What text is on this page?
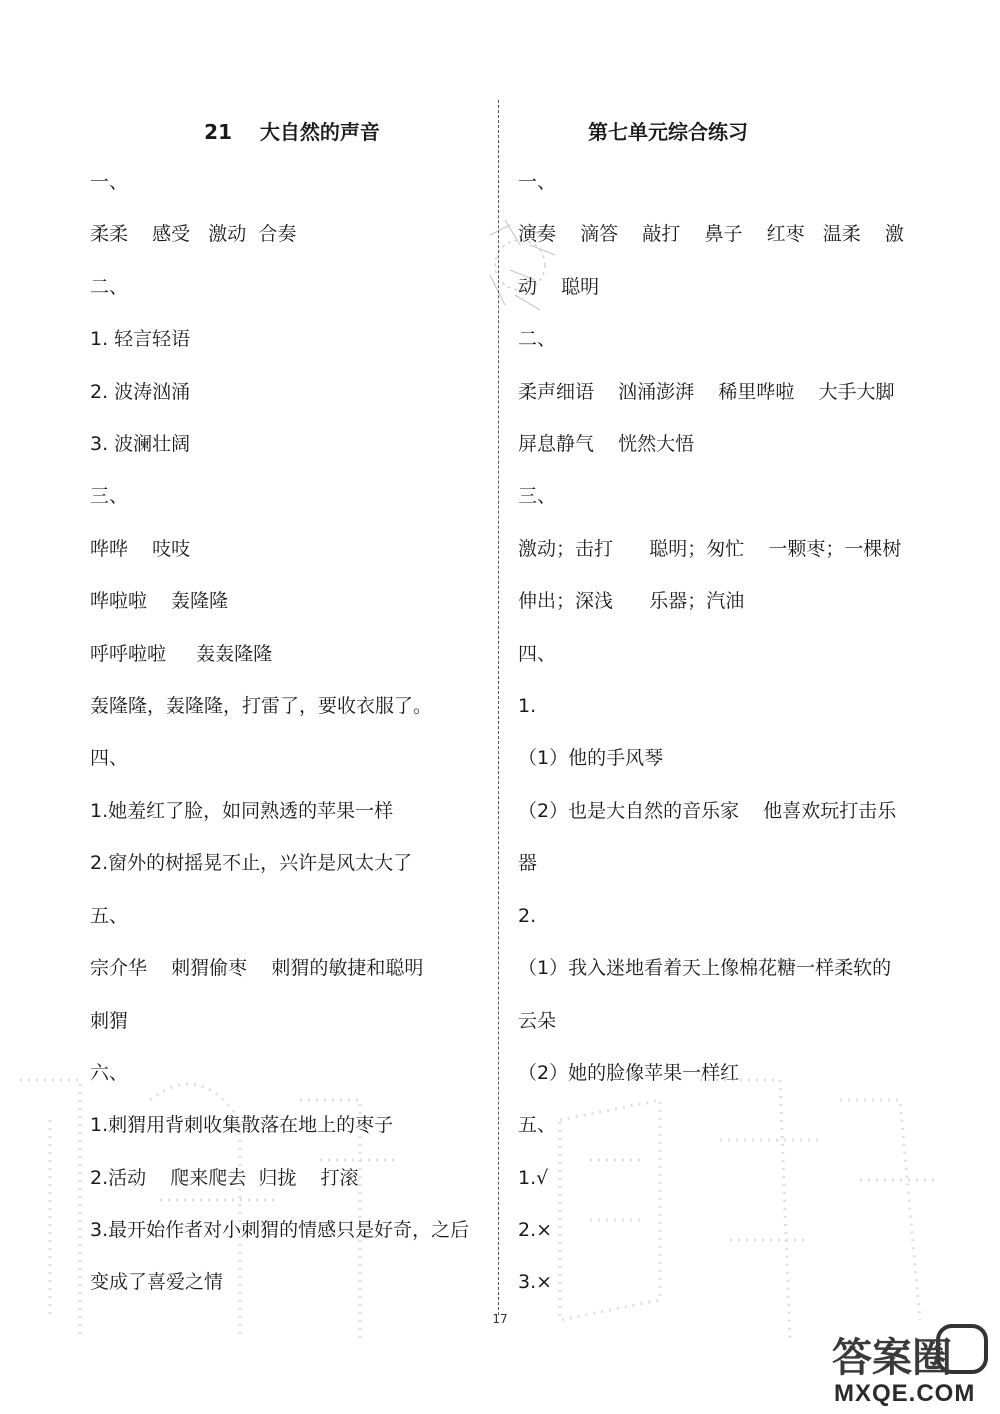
21    大自然的声音

一、

柔柔    感受   激动  合奏

二、

1. 轻言轻语

2. 波涛汹涌

3. 波澜壮阔

三、

哗哗    吱吱

哗啦啦    轰隆隆

呼呼啦啦     轰轰隆隆

轰隆隆，轰隆隆，打雷了，要收衣服了。

四、

1.她羞红了脸，如同熟透的苹果一样

2.窗外的树摇晃不止，兴许是风太大了

五、

宗介华    刺猬偷枣    刺猬的敏捷和聪明

刺猬

六、

1.刺猬用背刺收集散落在地上的枣子

2.活动    爬来爬去  归拢    打滚

3.最开始作者对小刺猬的情感只是好奇，之后

变成了喜爱之情

第七单元综合练习

一、

演奏    滴答    敲打    鼻子    红枣   温柔    激

动    聪明

二、

柔声细语    汹涌澎湃    稀里哗啦    大手大脚

屏息静气    恍然大悟

三、

激动；击打      聪明；匆忙    一颗枣；一棵树

伸出；深浅      乐器；汽油

四、

1.

（1）他的手风琴

（2）也是大自然的音乐家    他喜欢玩打击乐

器

2.

（1）我入迷地看着天上像棉花糖一样柔软的

云朵

（2）她的脸像苹果一样红

五、

1.√

2.×

3.×

17
答案圈
MXQE.COM
